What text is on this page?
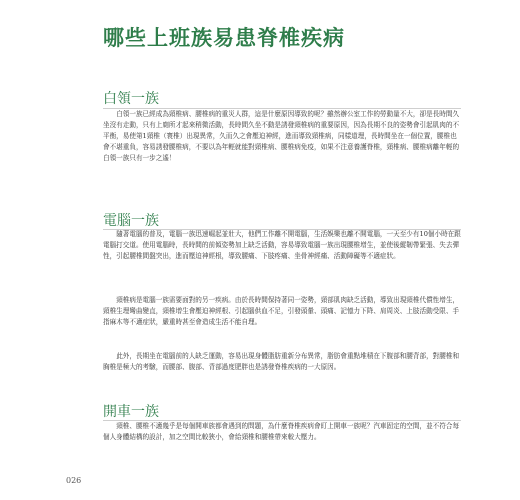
哪些上班族易患脊椎疾病
白領一族

白領一族已經成為頸椎病、腰椎病的重災人群，這是什麼原因導致的呢？雖然辦公室工作的勞動量不大，卻是長時間久坐沒有走動，只有上廁所才起來稍微活動，長時間久坐不動是誘發頸椎病的重要原因，因為長期不良的姿勢會引起肌肉的不平衡，易使第1頸椎（寰椎）出現異常，久而久之會壓迫神經，進而導致頸椎病，同樣道理，長時間坐在一個位置，腰椎也會不堪重負，容易誘發腰椎病，不要以為年輕就能對頸椎病、腰椎病免疫，如果不注意養護脊椎，頸椎病、腰椎病離年輕的白領一族只有一步之遙！

電腦一族

隨著電腦的普及，電腦一族迅速崛起並壯大，他們工作離不開電腦，生活娛樂也離不開電腦，一天至少有10個小時在跟電腦打交道。使用電腦時，長時間的前傾姿勢加上缺乏活動，容易導致電腦一族出現腰椎增生，並使後縱韌帶緊張、失去彈性，引起腰椎間盤突出，進而壓迫神經根，導致腰痛、下肢疼痛、坐骨神經痛、活動障礙等不適症狀。

頸椎病是電腦一族需要面對的另一疾病。由於長時間保持著同一姿勢，頸部肌肉缺乏活動，導致出現頸椎代償性增生，頸椎生理彎曲變直，頸椎增生會壓迫神經根、引起腦供血不足，引發頭暈、頭痛、記憶力下降、肩周炎、上肢活動受限、手指麻木等不適症狀，嚴重時甚至會造成生活不能自理。

此外，長期坐在電腦前的人缺乏運動，容易出現身體脂肪重新分布異常，脂肪會重點堆積在下腹部和腰背部，對腰椎和胸椎是極大的考驗，而腰部、腹部、背部過度肥胖也是誘發脊椎疾病的一大原因。

開車一族

頸椎、腰椎不適幾乎是每個開車族都會遇到的問題，為什麼脊椎疾病會盯上開車一族呢？汽車固定的空間，並不符合每個人身體結構的設計，加之空間比較狹小，會給頸椎和腰椎帶來較大壓力。

026
